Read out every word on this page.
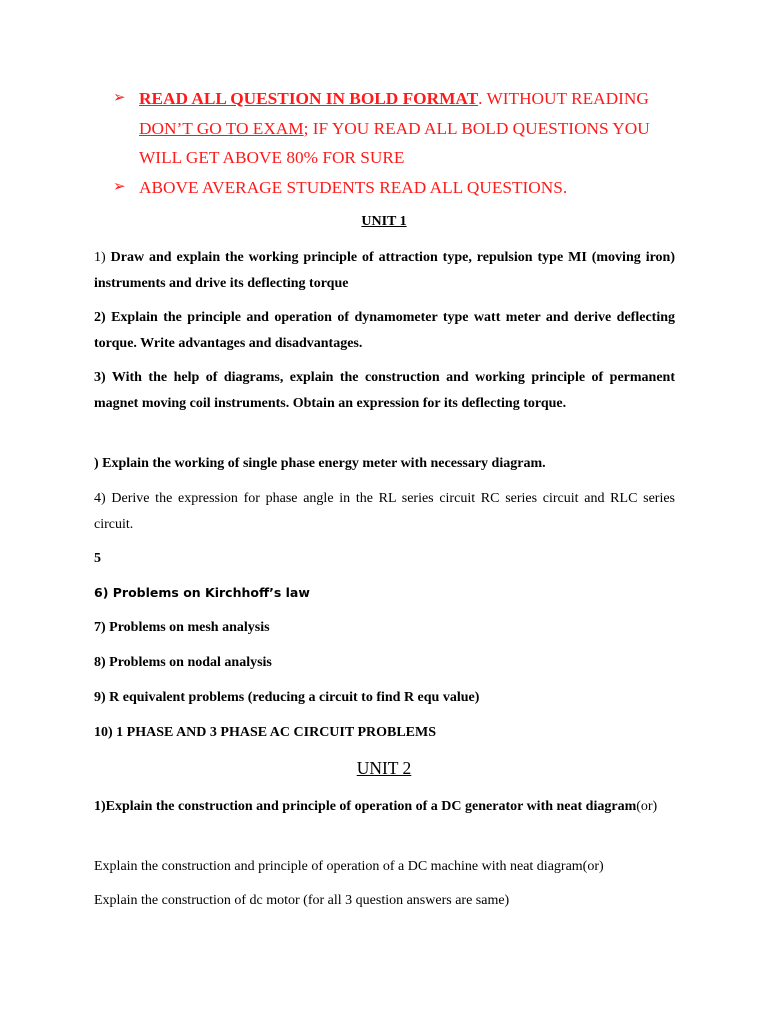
➢ READ ALL QUESTION IN BOLD FORMAT. WITHOUT READING
DON’T GO TO EXAM; IF YOU READ ALL BOLD QUESTIONS YOU
WILL GET ABOVE 80% FOR SURE
➢ ABOVE AVERAGE STUDENTS READ ALL QUESTIONS.
UNIT 1
1) Draw and explain the working principle of attraction type, repulsion type MI (moving iron) instruments and drive its deflecting torque
2) Explain the principle and operation of dynamometer type watt meter and derive deflecting torque. Write advantages and disadvantages.
3) With the help of diagrams, explain the construction and working principle of permanent magnet moving coil instruments. Obtain an expression for its deflecting torque.
) Explain the working of single phase energy meter with necessary diagram.
4) Derive the expression for phase angle in the RL series circuit RC series circuit and RLC series circuit.
5
6) Problems on Kirchhoff’s law
7) Problems on mesh analysis
8) Problems on nodal analysis
9) R equivalent problems (reducing a circuit to find R equ value)
10) 1 PHASE AND 3 PHASE AC CIRCUIT PROBLEMS
UNIT 2
1)Explain the construction and principle of operation of a DC generator with neat diagram(or)
Explain the construction and principle of operation of a DC machine with neat diagram(or)
Explain the construction of dc motor (for all 3 question answers are same)
